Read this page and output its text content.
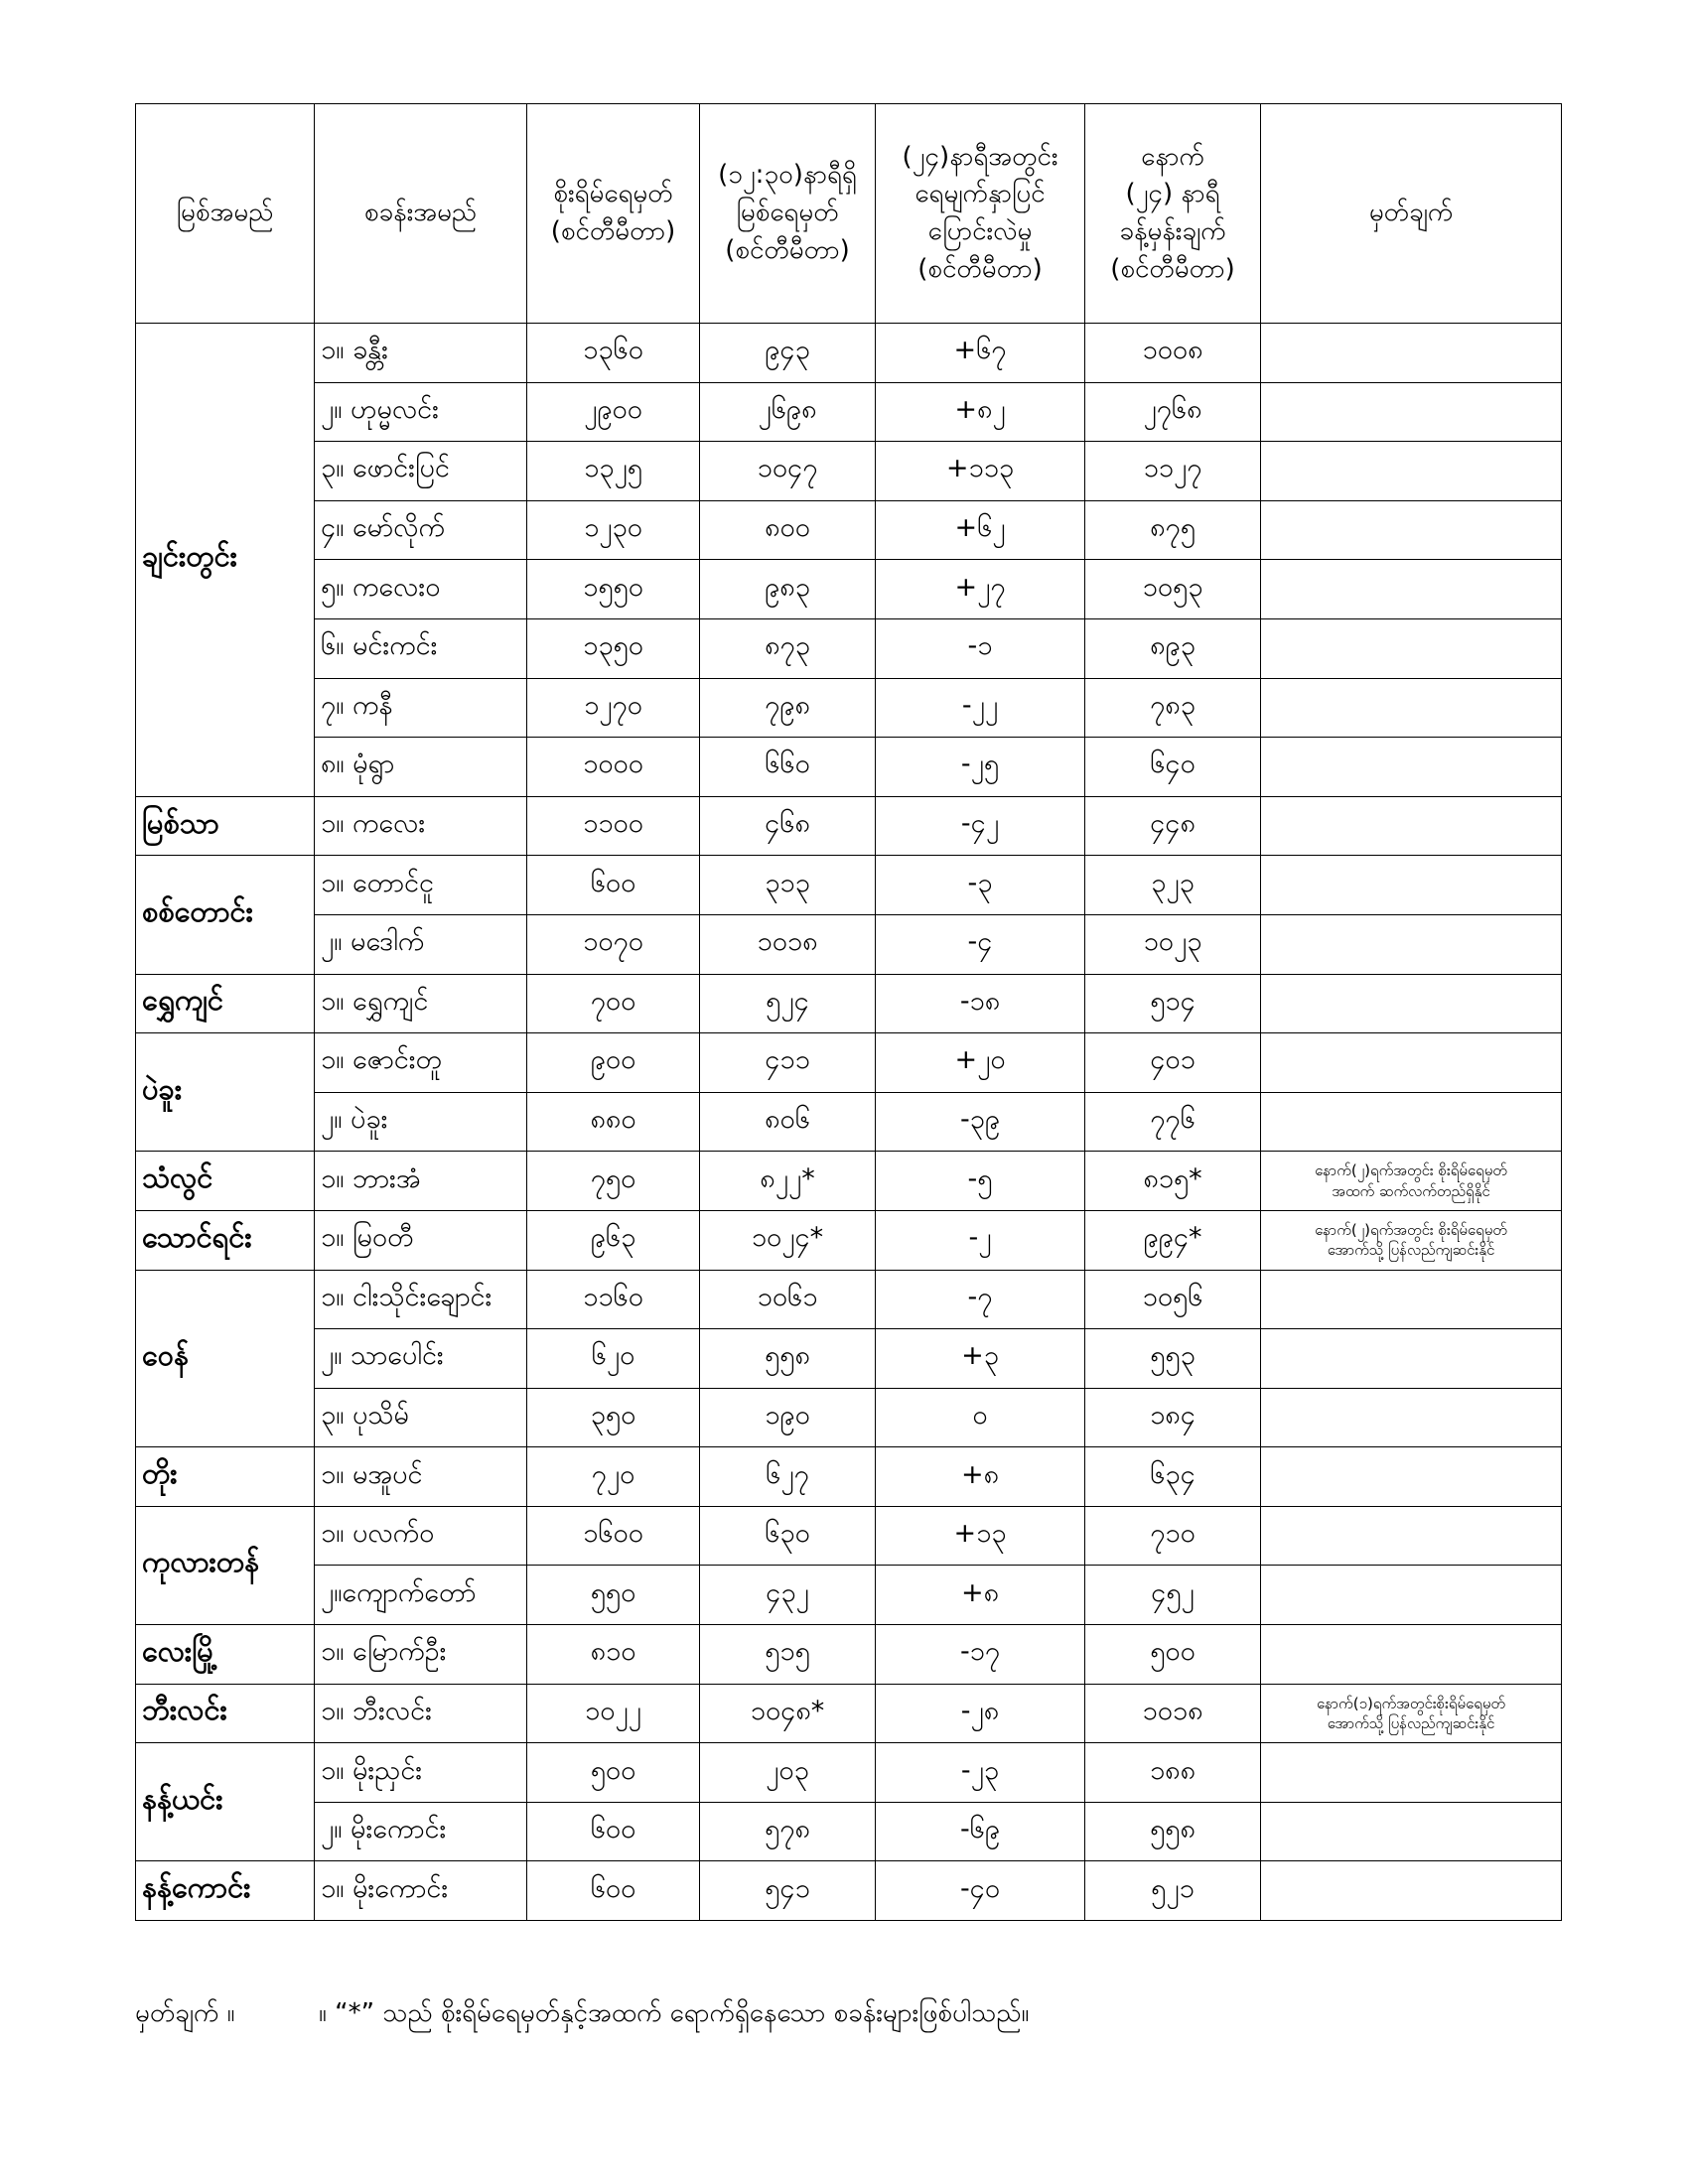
မြစ်အမည်	စခန်းအမည်	စိုးရိမ်ရေမှတ်
(စင်တီမီတာ)	(၁၂:၃၀)နာရီရှိ
မြစ်ရေမှတ်
(စင်တီမီတာ)	(၂၄)နာရီအတွင်း
ရေမျက်နှာပြင်
ပြောင်းလဲမှု
(စင်တီမီတာ)	နောက်
(၂၄) နာရီ
ခန့်မှန်းချက်
(စင်တီမီတာ)	မှတ်ချက်
ချင်းတွင်း	၁။ ခန္တီး	၁၃၆၀	၉၄၃	+၆၇	၁၀၀၈	
	၂။ ဟုမ္မလင်း	၂၉၀၀	၂၆၉၈	+၈၂	၂၇၆၈	
	၃။ ဖောင်းပြင်	၁၃၂၅	၁၀၄၇	+၁၁၃	၁၁၂၇	
	၄။ မော်လိုက်	၁၂၃၀	၈၀၀	+၆၂	၈၇၅	
	၅။ ကလေးဝ	၁၅၅၀	၉၈၃	+၂၇	၁၀၅၃	
	၆။ မင်းကင်း	၁၃၅၀	၈၇၃	-၁	၈၉၃	
	၇။ ကနီ	၁၂၇၀	၇၉၈	-၂၂	၇၈၃	
	၈။ မုံရွာ	၁၀၀၀	၆၆၀	-၂၅	၆၄၀	
မြစ်သာ	၁။ ကလေး	၁၁၀၀	၄၆၈	-၄၂	၄၄၈	
စစ်တောင်း	၁။ တောင်ငူ	၆၀၀	၃၁၃	-၃	၃၂၃	
	၂။ မဒေါက်	၁၀၇၀	၁၀၁၈	-၄	၁၀၂၃	
ရွှေကျင်	၁။ ရွှေကျင်	၇၀၀	၅၂၄	-၁၈	၅၁၄	
ပဲခူး	၁။ ဇောင်းတူ	၉၀၀	၄၁၁	+၂၀	၄၀၁	
	၂။ ပဲခူး	၈၈၀	၈၀၆	-၃၉	၇၇၆	
သံလွင်	၁။ ဘားအံ	၇၅၀	၈၂၂*	-၅	၈၁၅*	နောက်(၂)ရက်အတွင်း စိုးရိမ်ရေမှတ်
အထက် ဆက်လက်တည်ရှိနိုင်
သောင်ရင်း	၁။ မြဝတီ	၉၆၃	၁၀၂၄*	-၂	၉၉၄*	နောက်(၂)ရက်အတွင်း စိုးရိမ်ရေမှတ်
အောက်သို့ ပြန်လည်ကျဆင်းနိုင်
ဝေန်	၁။ ငါးသိုင်းချောင်း	၁၁၆၀	၁၀၆၁	-၇	၁၀၅၆	
	၂။ သာပေါင်း	၆၂၀	၅၅၈	+၃	၅၅၃	
	၃။ ပုသိမ်	၃၅၀	၁၉၀	၀	၁၈၄	
တိုး	၁။ မအူပင်	၇၂၀	၆၂၇	+၈	၆၃၄	
ကုလားတန်	၁။ ပလက်ဝ	၁၆၀၀	၆၃၀	+၁၃	၇၁၀	
	၂။ကျောက်တော်	၅၅၀	၄၃၂	+၈	၄၅၂	
လေးမြို့	၁။ မြောက်ဦး	၈၁၀	၅၁၅	-၁၇	၅၀၀	
ဘီးလင်း	၁။ ဘီးလင်း	၁၀၂၂	၁၀၄၈*	-၂၈	၁၀၁၈	နောက်(၁)ရက်အတွင်းစိုးရိမ်ရေမှတ်
အောက်သို့ ပြန်လည်ကျဆင်းနိုင်
နန့်ယင်း	၁။ မိုးညှင်း	၅၀၀	၂၀၃	-၂၃	၁၈၈	
	၂။ မိုးကောင်း	၆၀၀	၅၇၈	-၆၉	၅၅၈	
နန့်ကောင်း	၁။ မိုးကောင်း	၆၀၀	၅၄၁	-၄၀	၅၂၁	
မှတ်ချက် ။	။ “*” သည် စိုးရိမ်ရေမှတ်နှင့်အထက် ရောက်ရှိနေသော စခန်းများဖြစ်ပါသည်။
